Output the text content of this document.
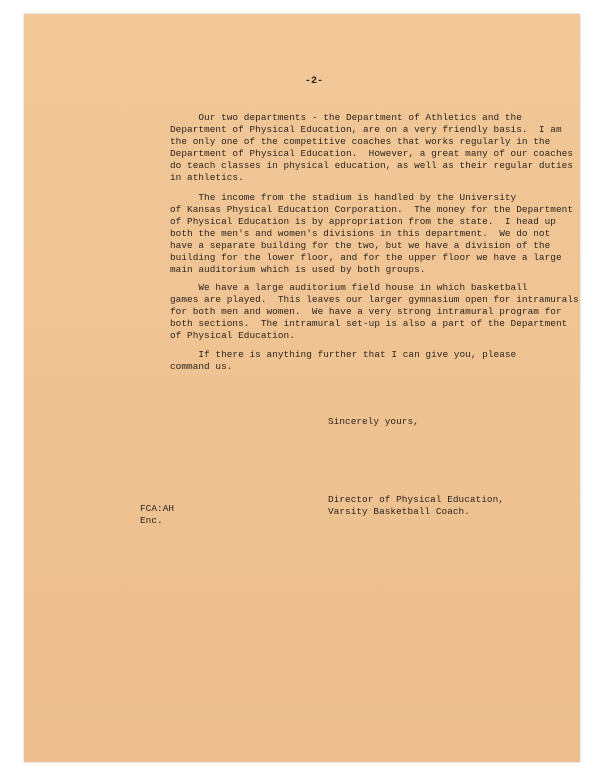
-2-
Our two departments - the Department of Athletics and the
Department of Physical Education, are on a very friendly basis.  I am
the only one of the competitive coaches that works regularly in the
Department of Physical Education.  However, a great many of our coaches
do teach classes in physical education, as well as their regular duties
in athletics.
The income from the stadium is handled by the University
of Kansas Physical Education Corporation.  The money for the Department
of Physical Education is by appropriation from the state.  I head up
both the men's and women's divisions in this department.  We do not
have a separate building for the two, but we have a division of the
building for the lower floor, and for the upper floor we have a large
main auditorium which is used by both groups.
We have a large auditorium field house in which basketball
games are played.  This leaves our larger gymnasium open for intramurals
for both men and women.  We have a very strong intramural program for
both sections.  The intramural set-up is also a part of the Department
of Physical Education.
If there is anything further that I can give you, please
command us.
Sincerely yours,
Director of Physical Education,
Varsity Basketball Coach.
FCA:AH
Enc.
